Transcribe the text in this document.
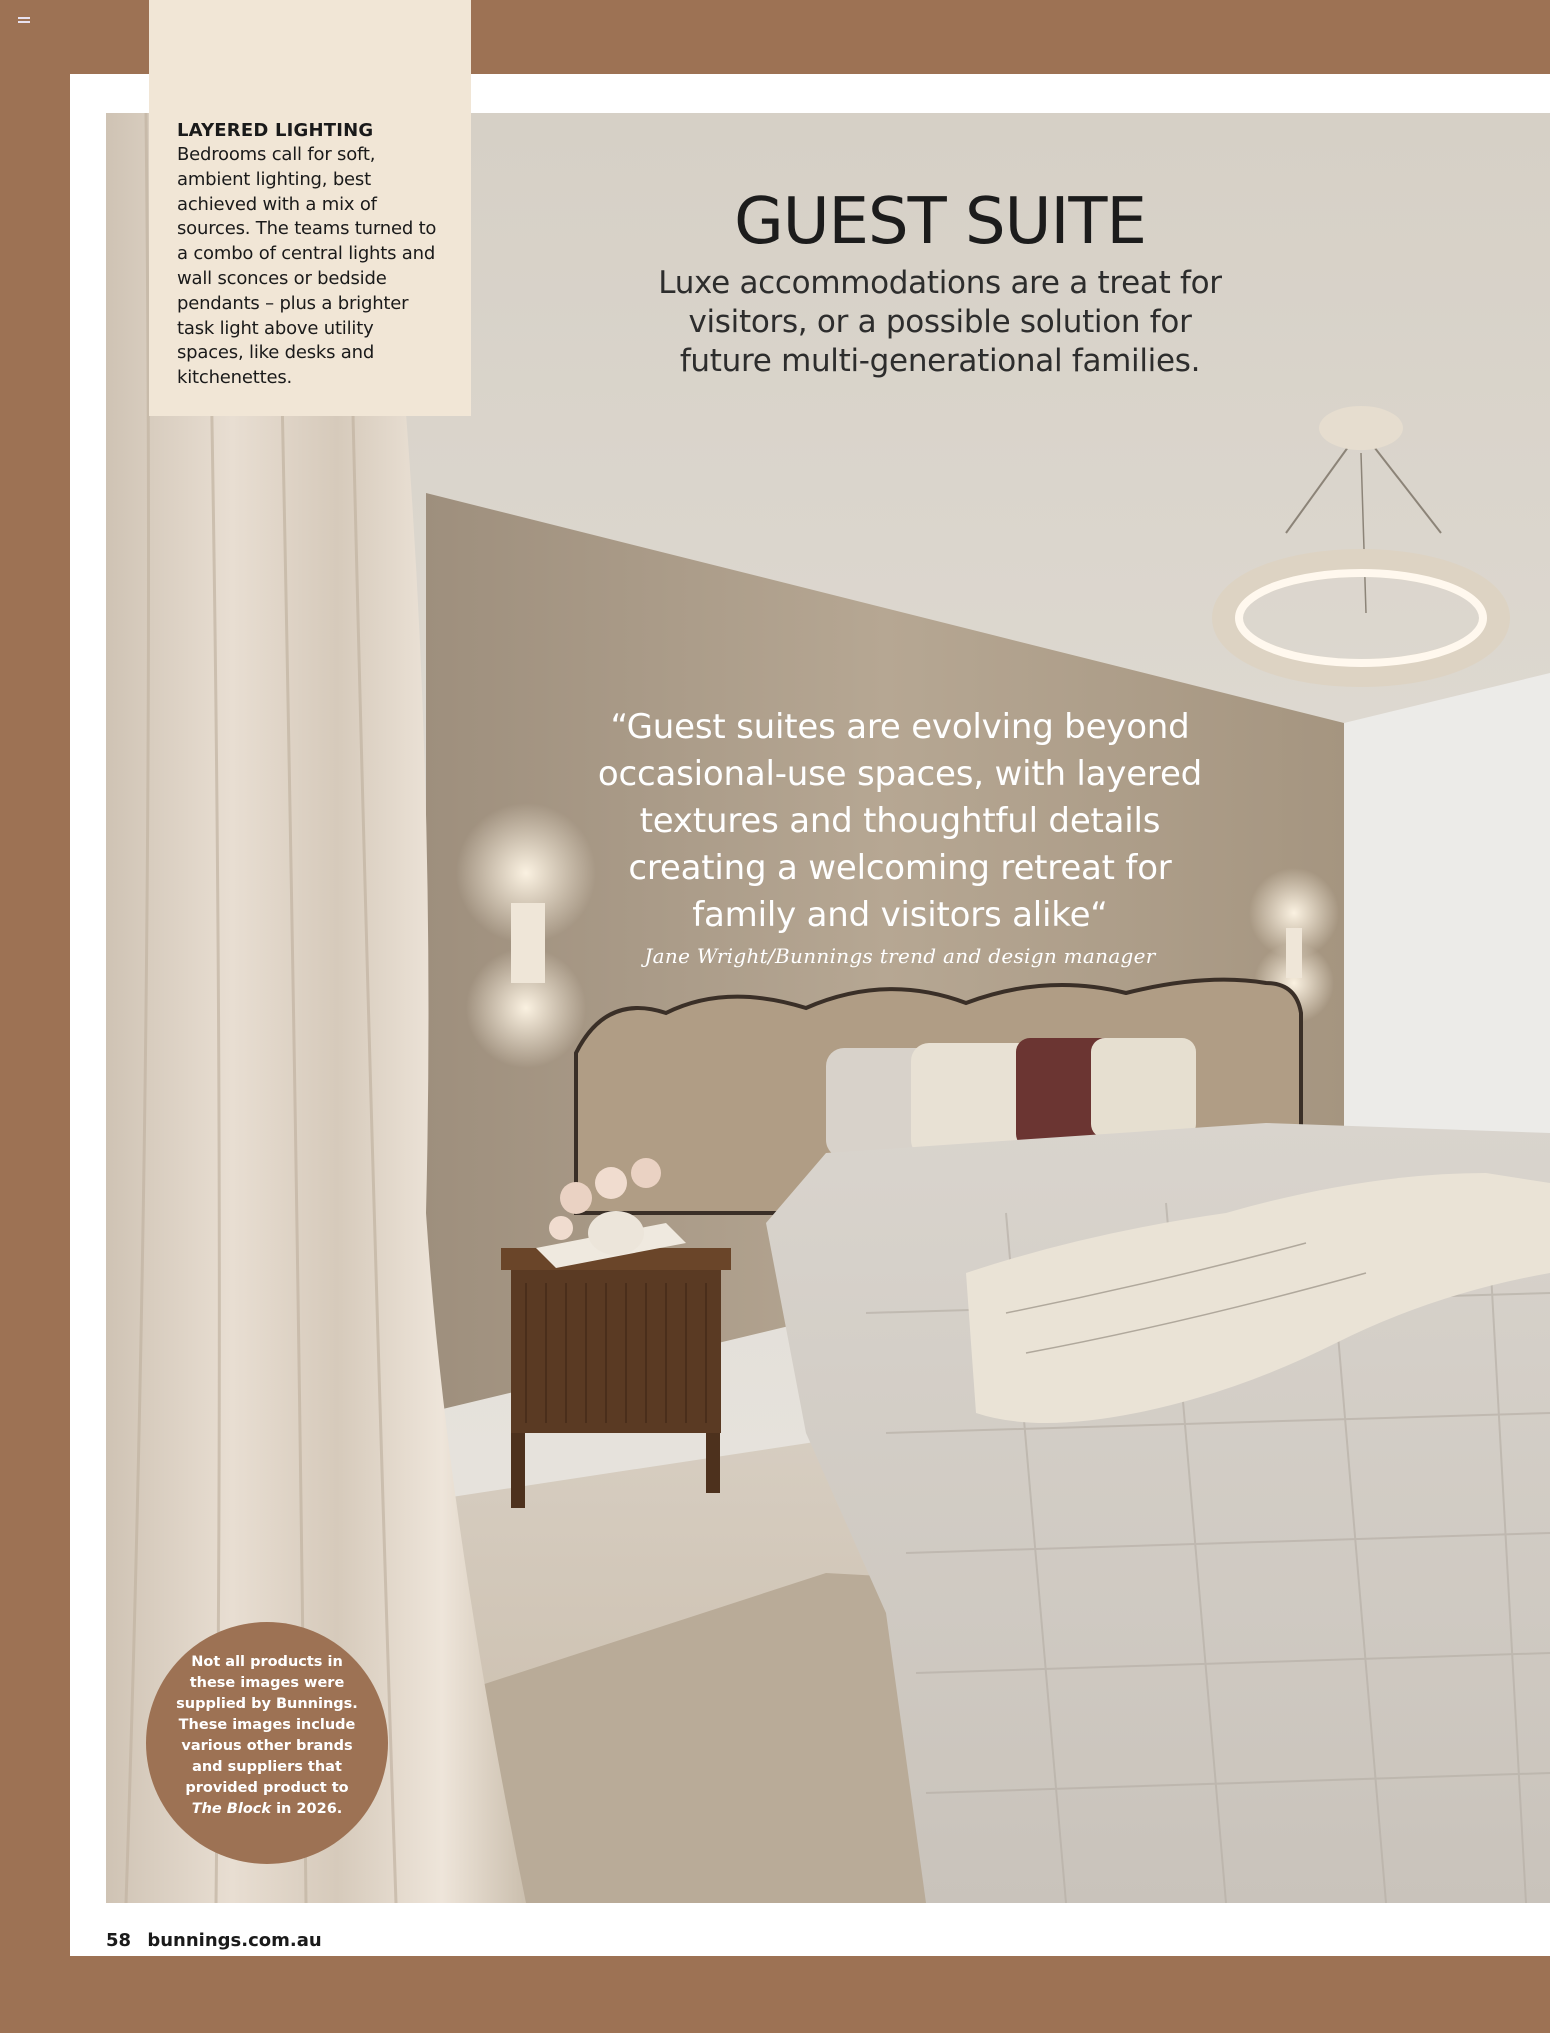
LAYERED LIGHTING
Bedrooms call for soft, ambient lighting, best achieved with a mix of sources. The teams turned to a combo of central lights and wall sconces or bedside pendants – plus a brighter task light above utility spaces, like desks and kitchenettes.
GUEST SUITE
Luxe accommodations are a treat for visitors, or a possible solution for future multi-generational families.
“Guest suites are evolving beyond occasional-use spaces, with layered textures and thoughtful details creating a welcoming retreat for family and visitors alike“
Jane Wright/Bunnings trend and design manager
Not all products in these images were supplied by Bunnings. These images include various other brands and suppliers that provided product to The Block in 2026.
58 bunnings.com.au
